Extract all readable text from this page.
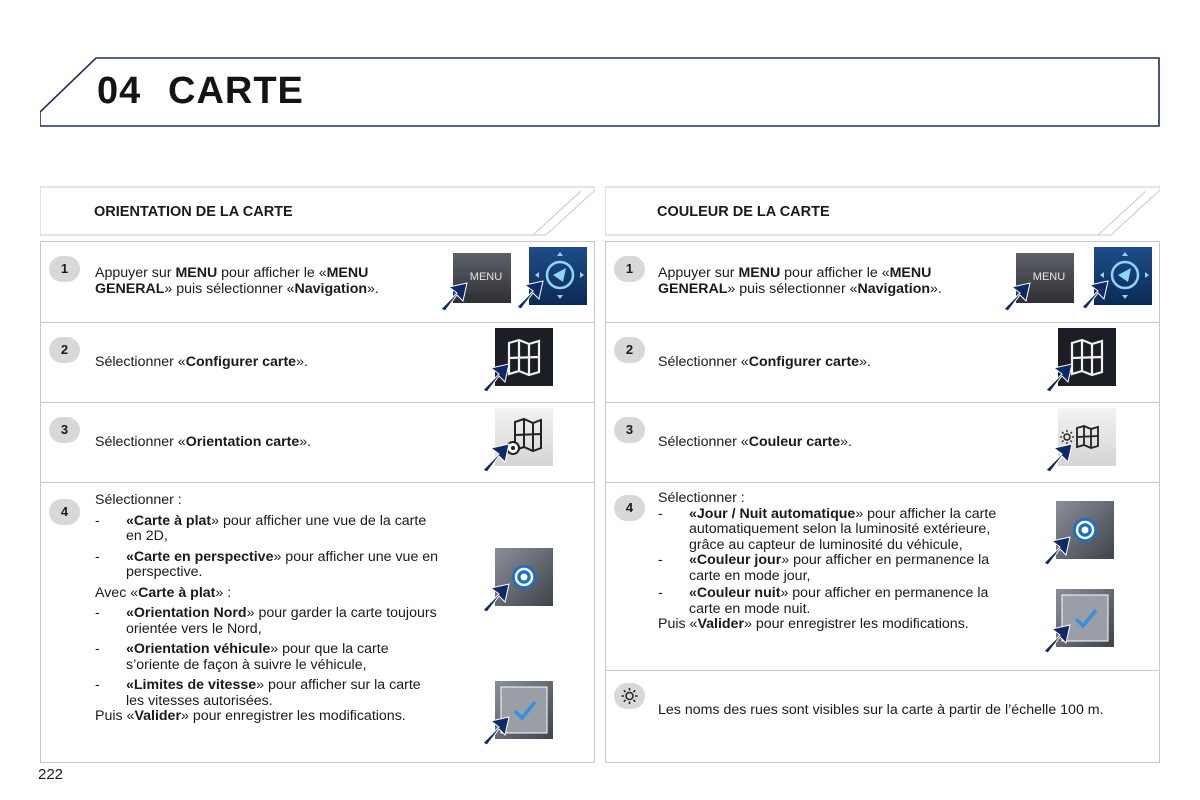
04 CARTE
ORIENTATION DE LA CARTE
1	Appuyer sur MENU pour afficher le «MENU
GENERAL» puis sélectionner «Navigation».
MENU
2
Sélectionner «Configurer carte».
3
Sélectionner «Orientation carte».
4
Sélectionner :
- «Carte à plat» pour afficher une vue de la carte en 2D,
- «Carte en perspective» pour afficher une vue en perspective.
Avec «Carte à plat» :
- «Orientation Nord» pour garder la carte toujours orientée vers le Nord,
- «Orientation véhicule» pour que la carte s’oriente de façon à suivre le véhicule,
- «Limites de vitesse» pour afficher sur la carte les vitesses autorisées.
Puis «Valider» pour enregistrer les modifications.
COULEUR DE LA CARTE
1	Appuyer sur MENU pour afficher le «MENU
GENERAL» puis sélectionner «Navigation».
MENU
2
Sélectionner «Configurer carte».
3
Sélectionner «Couleur carte».
4
Sélectionner :
- «Jour / Nuit automatique» pour afficher la carte automatiquement selon la luminosité extérieure, grâce au capteur de luminosité du véhicule,
- «Couleur jour» pour afficher en permanence la carte en mode jour,
- «Couleur nuit» pour afficher en permanence la carte en mode nuit.
Puis «Valider» pour enregistrer les modifications.
Les noms des rues sont visibles sur la carte à partir de l’échelle 100 m.
222
